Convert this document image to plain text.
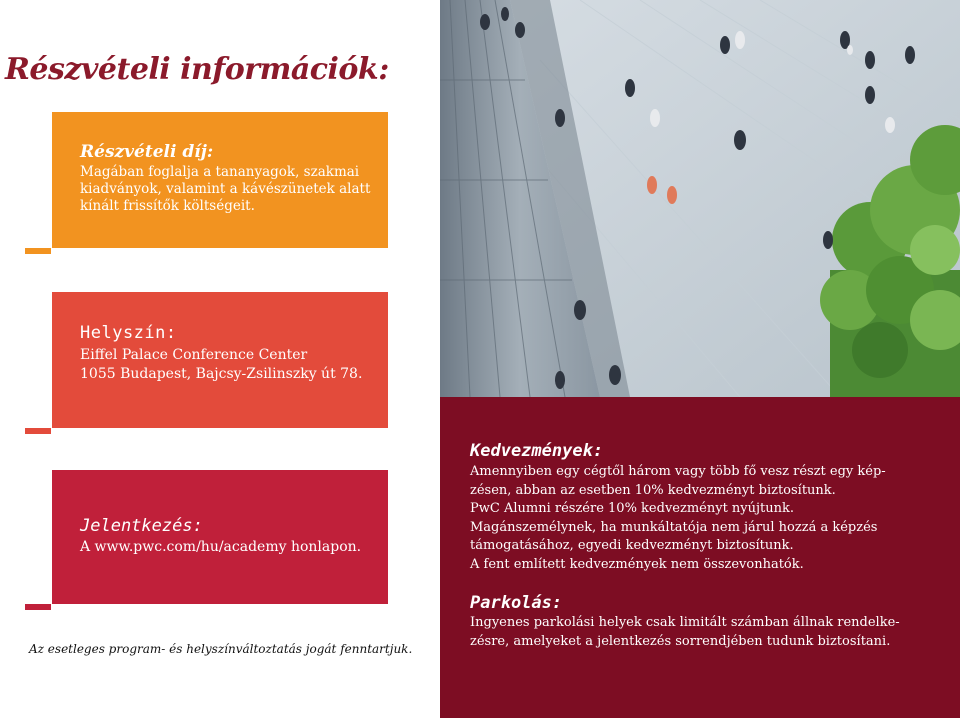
Részvételi információk:
Részvételi díj:
Magában foglalja a tananyagok, szakmai
kiadványok, valamint a kávészünetek alatt
kínált frissítők költségeit.
Helyszín:
Eiffel Palace Conference Center
1055 Budapest, Bajcsy-Zsilinszky út 78.
Jelentkezés:
A www.pwc.com/hu/academy honlapon.
Az esetleges program- és helyszínváltoztatás jogát fenntartjuk.
Kedvezmények:
Amennyiben egy cégtől három vagy több fő vesz részt egy kép-
zésen, abban az esetben 10% kedvezményt biztosítunk.
PwC Alumni részére 10% kedvezményt nyújtunk.
Magánszemélynek, ha munkáltatója nem járul hozzá a képzés
támogatásához, egyedi kedvezményt biztosítunk.
A fent említett kedvezmények nem összevonhatók.
Parkolás:
Ingyenes parkolási helyek csak limitált számban állnak rendelke-
zésre, amelyeket a jelentkezés sorrendjében tudunk biztosítani.
